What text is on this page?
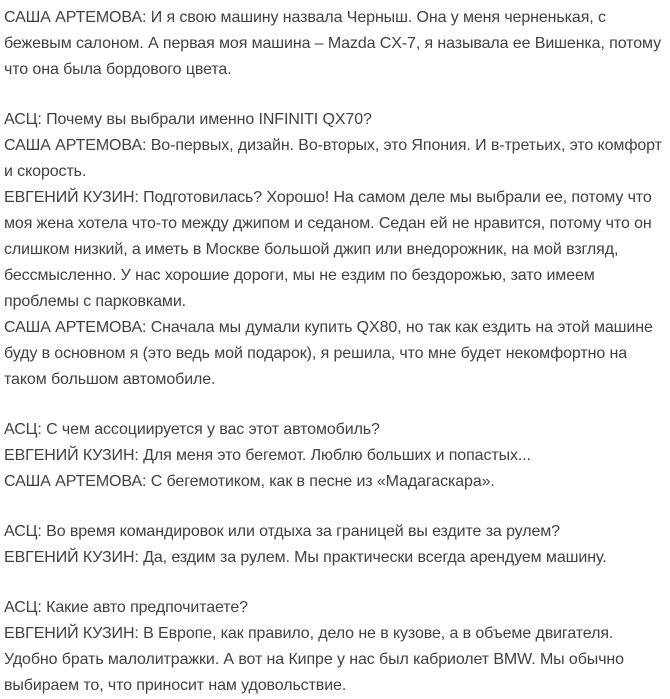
САША АРТЕМОВА: И я свою машину назвала Черныш. Она у меня черненькая, с бежевым салоном. А первая моя машина – Mazda CX-7, я называла ее Вишенка, потому что она была бордового цвета.

АСЦ: Почему вы выбрали именно INFINITI QX70?

САША АРТЕМОВА: Во-первых, дизайн. Во-вторых, это Япония. И в-третьих, это комфорт и скорость.

ЕВГЕНИЙ КУЗИН: Подготовилась? Хорошо! На самом деле мы выбрали ее, потому что моя жена хотела что-то между джипом и седаном. Седан ей не нравится, потому что он слишком низкий, а иметь в Москве большой джип или внедорожник, на мой взгляд, бессмысленно. У нас хорошие дороги, мы не ездим по бездорожью, зато имеем проблемы с парковками.

САША АРТЕМОВА: Сначала мы думали купить QX80, но так как ездить на этой машине буду в основном я (это ведь мой подарок), я решила, что мне будет некомфортно на таком большом автомобиле.

АСЦ: С чем ассоциируется у вас этот автомобиль?

ЕВГЕНИЙ КУЗИН: Для меня это бегемот. Люблю больших и попастых...

САША АРТЕМОВА: С бегемотиком, как в песне из «Мадагаскара».

АСЦ: Во время командировок или отдыха за границей вы ездите за рулем?

ЕВГЕНИЙ КУЗИН: Да, ездим за рулем. Мы практически всегда арендуем машину.

АСЦ: Какие авто предпочитаете?

ЕВГЕНИЙ КУЗИН: В Европе, как правило, дело не в кузове, а в объеме двигателя. Удобно брать малолитражки. А вот на Кипре у нас был кабриолет BMW. Мы обычно выбираем то, что приносит нам удовольствие.
